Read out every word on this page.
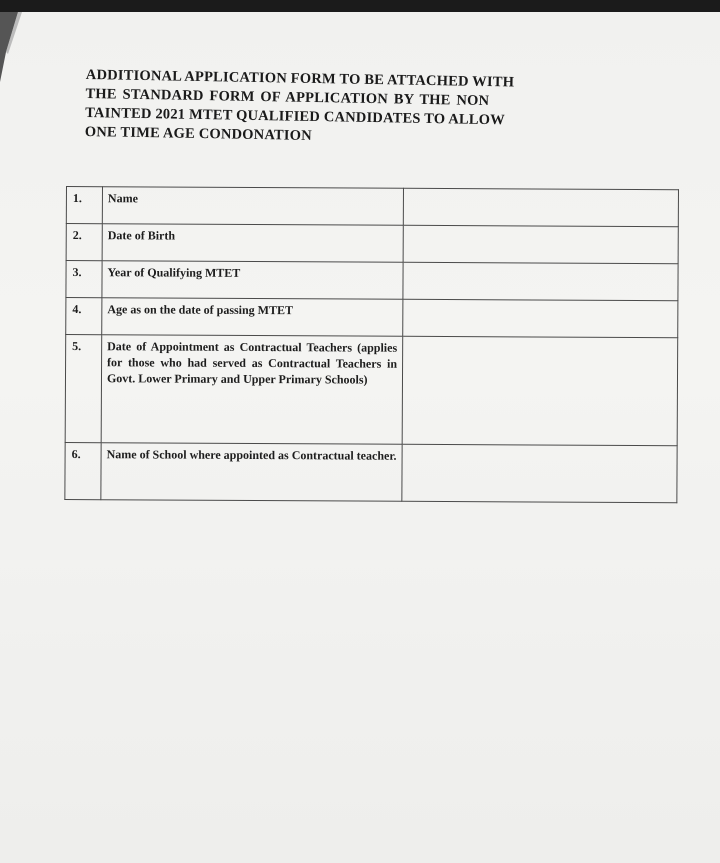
ADDITIONAL APPLICATION FORM TO BE ATTACHED WITH
THE STANDARD FORM OF APPLICATION BY THE NON
TAINTED 2021 MTET QUALIFIED CANDIDATES TO ALLOW
ONE TIME AGE CONDONATION
1.	Name	
2.	Date of Birth	
3.	Year of Qualifying MTET	
4.	Age as on the date of passing MTET	
5.	Date of Appointment as Contractual Teachers (applies for those who had served as Contractual Teachers in Govt. Lower Primary and Upper Primary Schools)	
6.	Name of School where appointed as Contractual teacher.	
